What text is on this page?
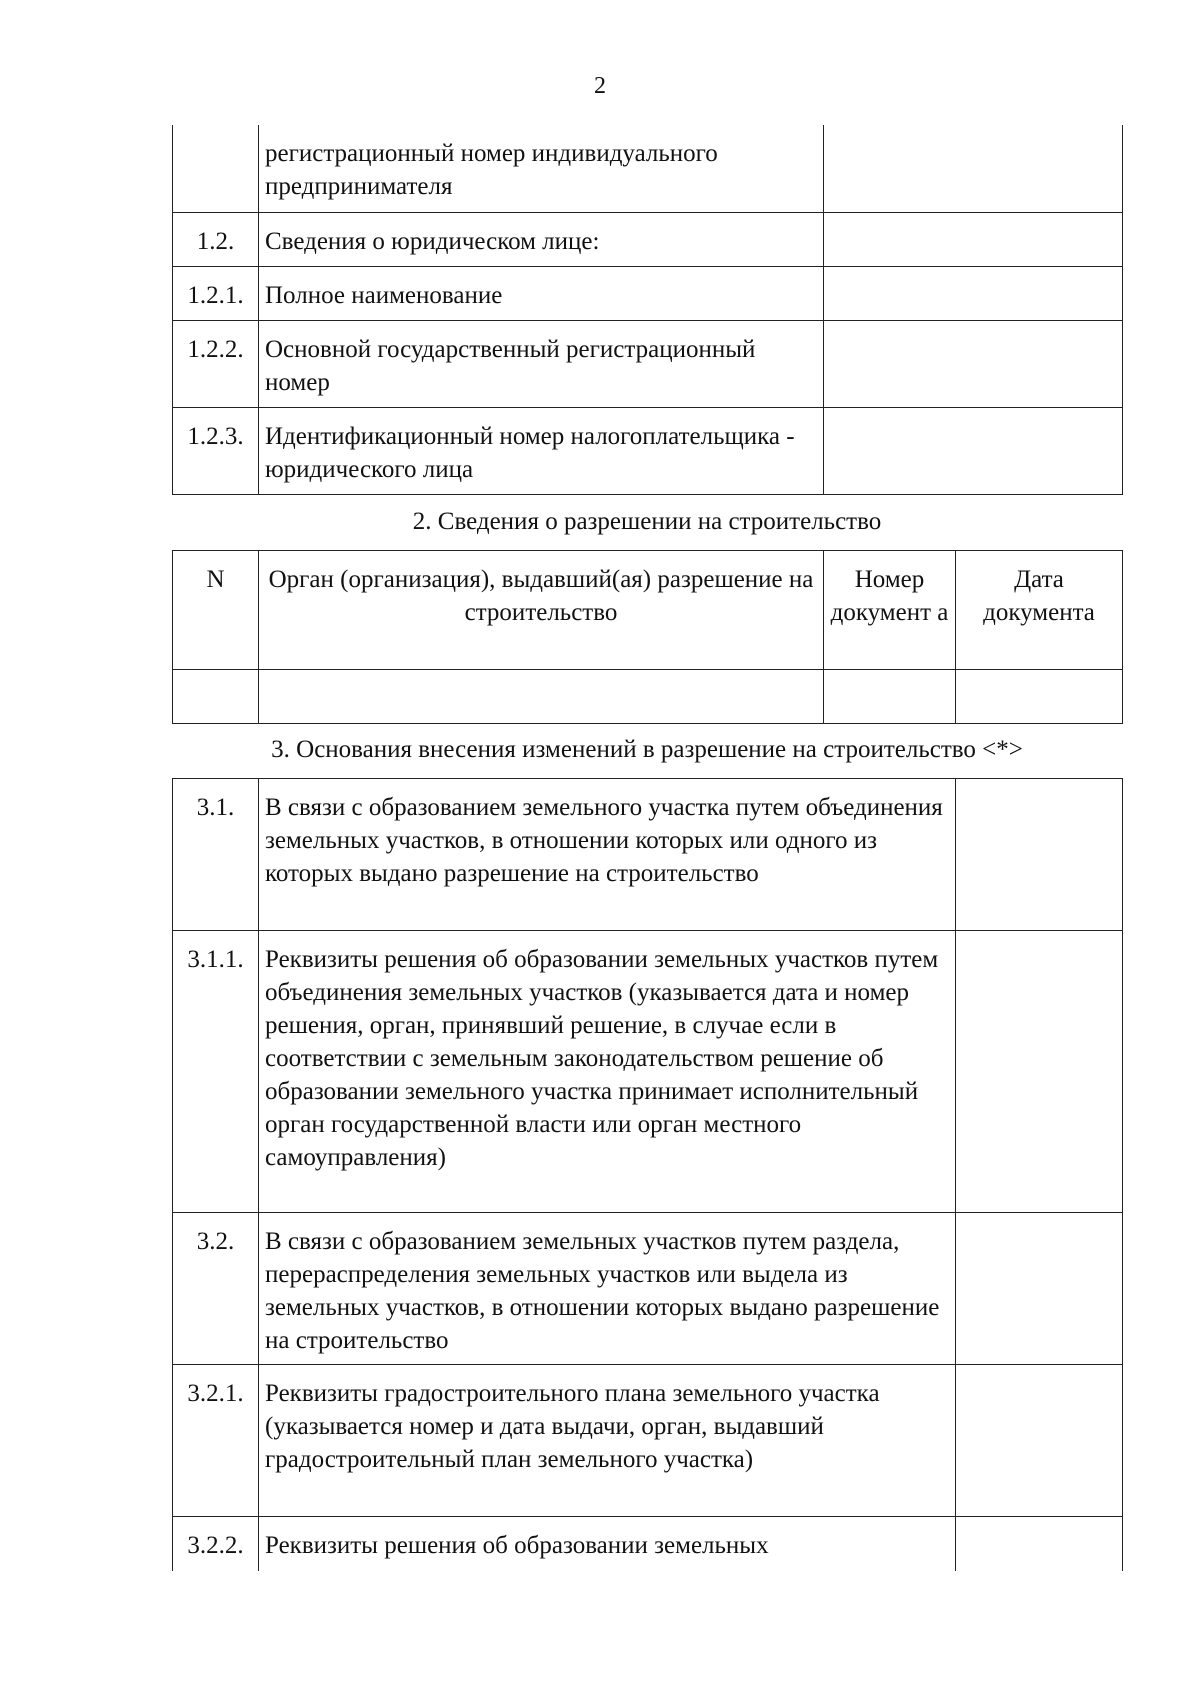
2
	регистрационный номер индивидуального предпринимателя	
1.2.	Сведения о юридическом лице:	
1.2.1.	Полное наименование	
1.2.2.	Основной государственный регистрационный номер	
1.2.3.	Идентификационный номер налогоплательщика - юридического лица	
2. Сведения о разрешении на строительство
N	Орган (организация), выдавший(ая) разрешение на строительство	Номер документ а	Дата документа

3. Основания внесения изменений в разрешение на строительство <*>
3.1.	В связи с образованием земельного участка путем объединения земельных участков, в отношении которых или одного из которых выдано разрешение на строительство	
3.1.1.	Реквизиты решения об образовании земельных участков путем объединения земельных участков (указывается дата и номер решения, орган, принявший решение, в случае если в соответствии с земельным законодательством решение об образовании земельного участка принимает исполнительный орган государственной власти или орган местного самоуправления)	
3.2.	В связи с образованием земельных участков путем раздела, перераспределения земельных участков или выдела из земельных участков, в отношении которых выдано разрешение на строительство	
3.2.1.	Реквизиты градостроительного плана земельного участка (указывается номер и дата выдачи, орган, выдавший градостроительный план земельного участка)	
3.2.2.	Реквизиты решения об образовании земельных	
